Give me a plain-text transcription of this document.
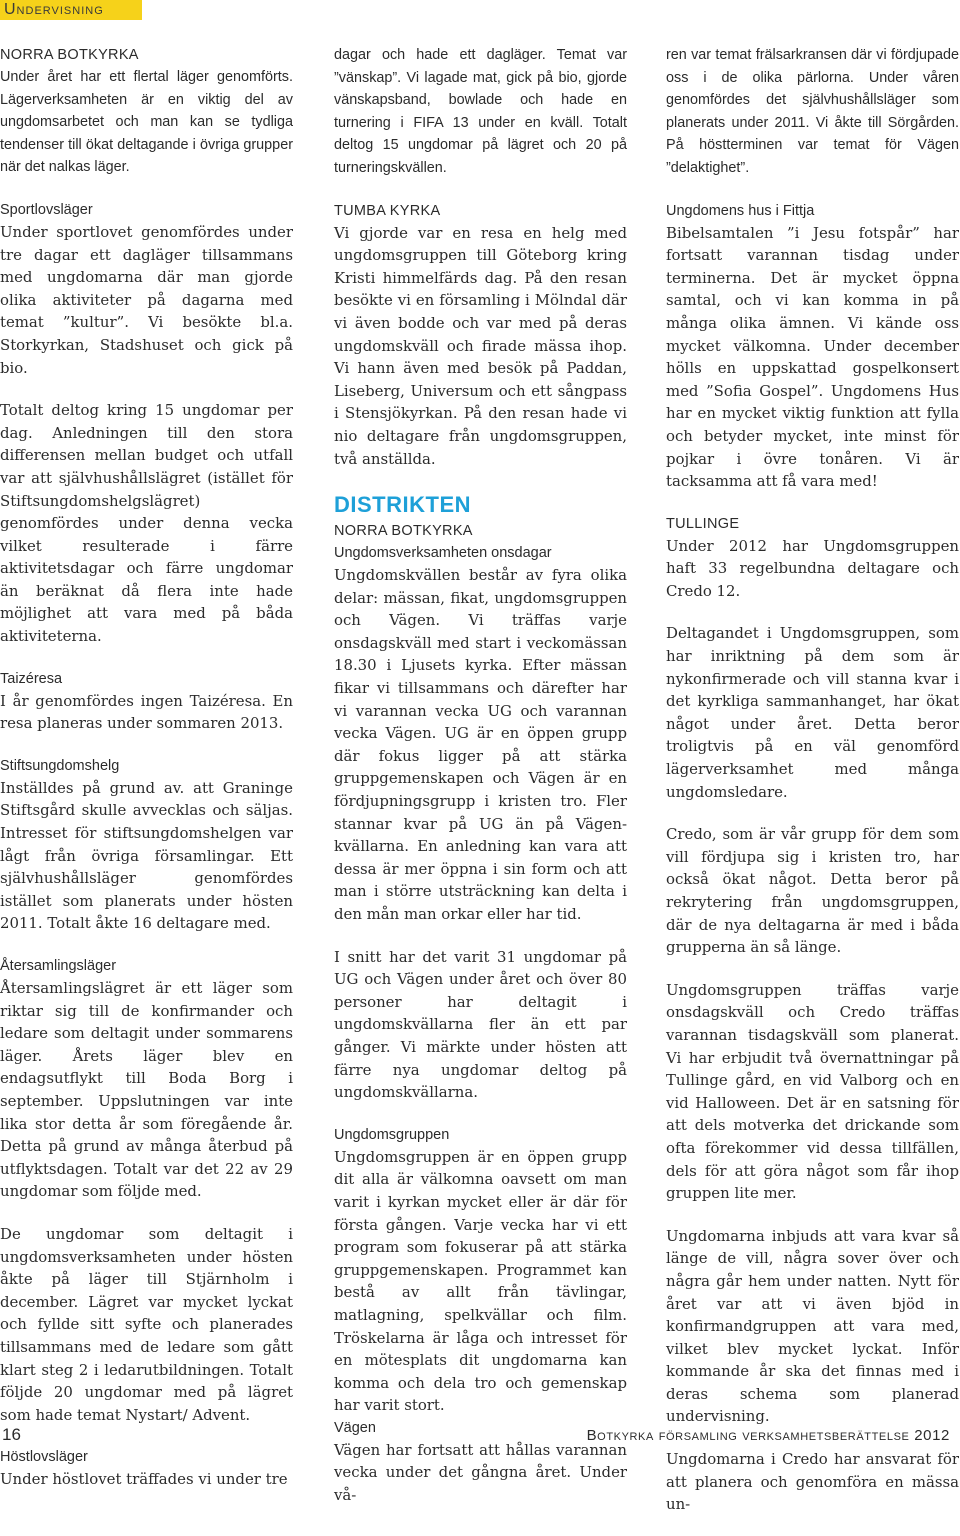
Undervisning

NORRA BOTKYRKA

Under året har ett flertal läger genomförts. Lägerverksamheten är en viktig del av ungdomsarbetet och man kan se tydliga tendenser till ökat deltagande i övriga grupper när det nalkas läger.

Sportlovsläger

Under sportlovet genomfördes under tre dagar ett dagläger tillsammans med ungdomarna där man gjorde olika aktiviteter på dagarna med temat ”kultur”. Vi besökte bl.a. Storkyrkan, Stadshuset och gick på bio.

Totalt deltog kring 15 ungdomar per dag. Anledningen till den stora differensen mellan budget och utfall var att självhushållslägret (istället för Stiftsungdomshelgslägret) genomfördes under denna vecka vilket resulterade i färre aktivitetsdagar och färre ungdomar än beräknat då flera inte hade möjlighet att vara med på båda aktiviteterna.

Taizéresa

I år genomfördes ingen Taizéresa. En resa planeras under sommaren 2013.

Stiftsungdomshelg

Inställdes på grund av. att Graninge Stiftsgård skulle avvecklas och säljas. Intresset för stiftsungdomshelgen var lågt från övriga församlingar. Ett självhushållsläger genomfördes istället som planerats under hösten 2011. Totalt åkte 16 deltagare med.

Återsamlingsläger

Återsamlingslägret är ett läger som riktar sig till de konfirmander och ledare som deltagit under sommarens läger. Årets läger blev en endagsutflykt till Boda Borg i september. Uppslutningen var inte lika stor detta år som föregående år. Detta på grund av många återbud på utflyktsdagen. Totalt var det 22 av 29 ungdomar som följde med.

De ungdomar som deltagit i ungdomsverksamheten under hösten åkte på läger till Stjärnholm i december. Lägret var mycket lyckat och fyllde sitt syfte och planerades tillsammans med de ledare som gått klart steg 2 i ledarutbildningen. Totalt följde 20 ungdomar med på lägret som hade temat Nystart/ Advent.

Höstlovsläger

Under höstlovet träffades vi under tre

dagar och hade ett dagläger. Temat var ”vänskap”. Vi lagade mat, gick på bio, gjorde vänskapsband, bowlade och hade en turnering i FIFA 13 under en kväll. Totalt deltog 15 ungdomar på lägret och 20 på turneringskvällen.

TUMBA KYRKA

Vi gjorde var en resa en helg med ungdomsgruppen till Göteborg kring Kristi himmelfärds dag. På den resan besökte vi en församling i Mölndal där vi även bodde och var med på deras ungdomskväll och firade mässa ihop. Vi hann även med besök på Paddan, Liseberg, Universum och ett sångpass i Stensjökyrkan. På den resan hade vi nio deltagare från ungdomsgruppen, två anställda.

DISTRIKTEN

NORRA BOTKYRKA

Ungdomsverksamheten onsdagar

Ungdomskvällen består av fyra olika delar: mässan, fikat, ungdomsgruppen och Vägen. Vi träffas varje onsdagskväll med start i veckomässan 18.30 i Ljusets kyrka. Efter mässan fikar vi tillsammans och därefter har vi varannan vecka UG och varannan vecka Vägen. UG är en öppen grupp där fokus ligger på att stärka gruppgemenskapen och Vägen är en fördjupningsgrupp i kristen tro. Fler stannar kvar på UG än på Vägen- kvällarna. En anledning kan vara att dessa är mer öppna i sin form och att man i större utsträckning kan delta i den mån man orkar eller har tid.

I snitt har det varit 31 ungdomar på UG och Vägen under året och över 80 personer har deltagit i ungdomskvällarna fler än ett par gånger. Vi märkte under hösten att färre nya ungdomar deltog på ungdomskvällarna.

Ungdomsgruppen

Ungdomsgruppen är en öppen grupp dit alla är välkomna oavsett om man varit i kyrkan mycket eller är där för första gången. Varje vecka har vi ett program som fokuserar på att stärka gruppgemenskapen. Programmet kan bestå av allt från tävlingar, matlagning, spelkvällar och film. Tröskelarna är låga och intresset för en mötesplats dit ungdomarna kan komma och dela tro och gemenskap har varit stort.

Vägen

Vägen har fortsatt att hållas varannan vecka under det gångna året. Under vå-

ren var temat frälsarkransen där vi fördjupade oss i de olika pärlorna. Under våren genomfördes det självhushållsläger som planerats under 2011. Vi åkte till Sörgården. På höstterminen var temat för Vägen ”delaktighet”.

Ungdomens hus i Fittja

Bibelsamtalen ”i Jesu fotspår” har fortsatt varannan tisdag under terminerna. Det är mycket öppna samtal, och vi kan komma in på många olika ämnen. Vi kände oss mycket välkomna. Under december hölls en uppskattad gospelkonsert med ”Sofia Gospel”. Ungdomens Hus har en mycket viktig funktion att fylla och betyder mycket, inte minst för pojkar i övre tonåren. Vi är tacksamma att få vara med!

TULLINGE

Under 2012 har Ungdomsgruppen haft 33 regelbundna deltagare och Credo 12.

Deltagandet i Ungdomsgruppen, som har inriktning på dem som är nykonfirmerade och vill stanna kvar i det kyrkliga sammanhanget, har ökat något under året. Detta beror troligtvis på en väl genomförd lägerverksamhet med många ungdomsledare.

Credo, som är vår grupp för dem som vill fördjupa sig i kristen tro, har också ökat något. Detta beror på rekrytering från ungdomsgruppen, där de nya deltagarna är med i båda grupperna än så länge.

Ungdomsgruppen träffas varje onsdagskväll och Credo träffas varannan tisdagskväll som planerat. Vi har erbjudit två övernattningar på Tullinge gård, en vid Valborg och en vid Halloween. Det är en satsning för att dels motverka det drickande som ofta förekommer vid dessa tillfällen, dels för att göra något som får ihop gruppen lite mer.

Ungdomarna inbjuds att vara kvar så länge de vill, några sover över och några går hem under natten. Nytt för året var att vi även bjöd in konfirmandgruppen att vara med, vilket blev mycket lyckat. Inför kommande år ska det finnas med i deras schema som planerad undervisning.

Ungdomarna i Credo har ansvarat för att planera och genomföra en mässa un-

16	Botkyrka församling verksamhetsberättelse 2012
